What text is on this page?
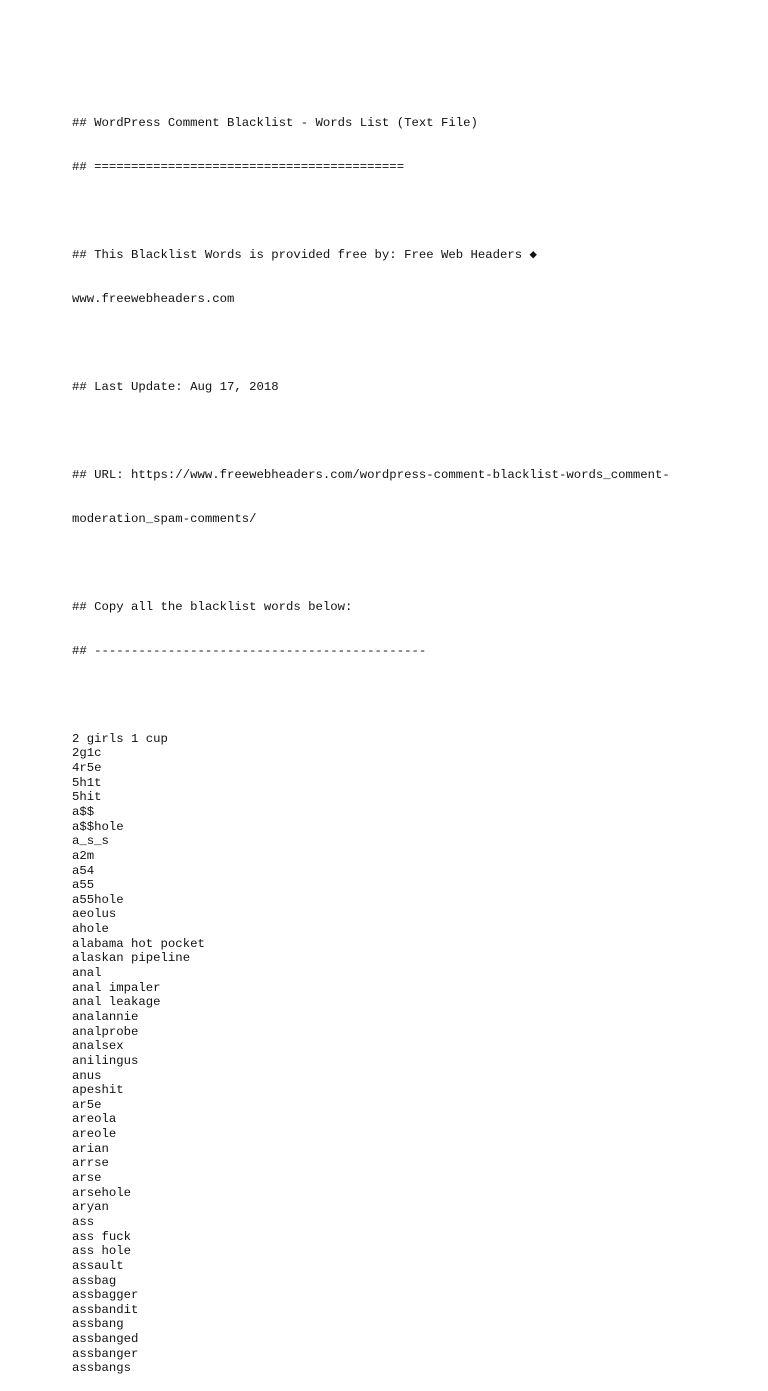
## WordPress Comment Blacklist - Words List (Text File)

## ==========================================

## This Blacklist Words is provided free by: Free Web Headers ◆

www.freewebheaders.com

## Last Update: Aug 17, 2018

## URL: https://www.freewebheaders.com/wordpress-comment-blacklist-words_comment-

moderation_spam-comments/

## Copy all the blacklist words below:

## ---------------------------------------------

2 girls 1 cup
2g1c
4r5e
5h1t
5hit
a$$
a$$hole
a_s_s
a2m
a54
a55
a55hole
aeolus
ahole
alabama hot pocket
alaskan pipeline
anal
anal impaler
anal leakage
analannie
analprobe
analsex
anilingus
anus
apeshit
ar5e
areola
areole
arian
arrse
arse
arsehole
aryan
ass
ass fuck
ass hole
assault
assbag
assbagger
assbandit
assbang
assbanged
assbanger
assbangs
